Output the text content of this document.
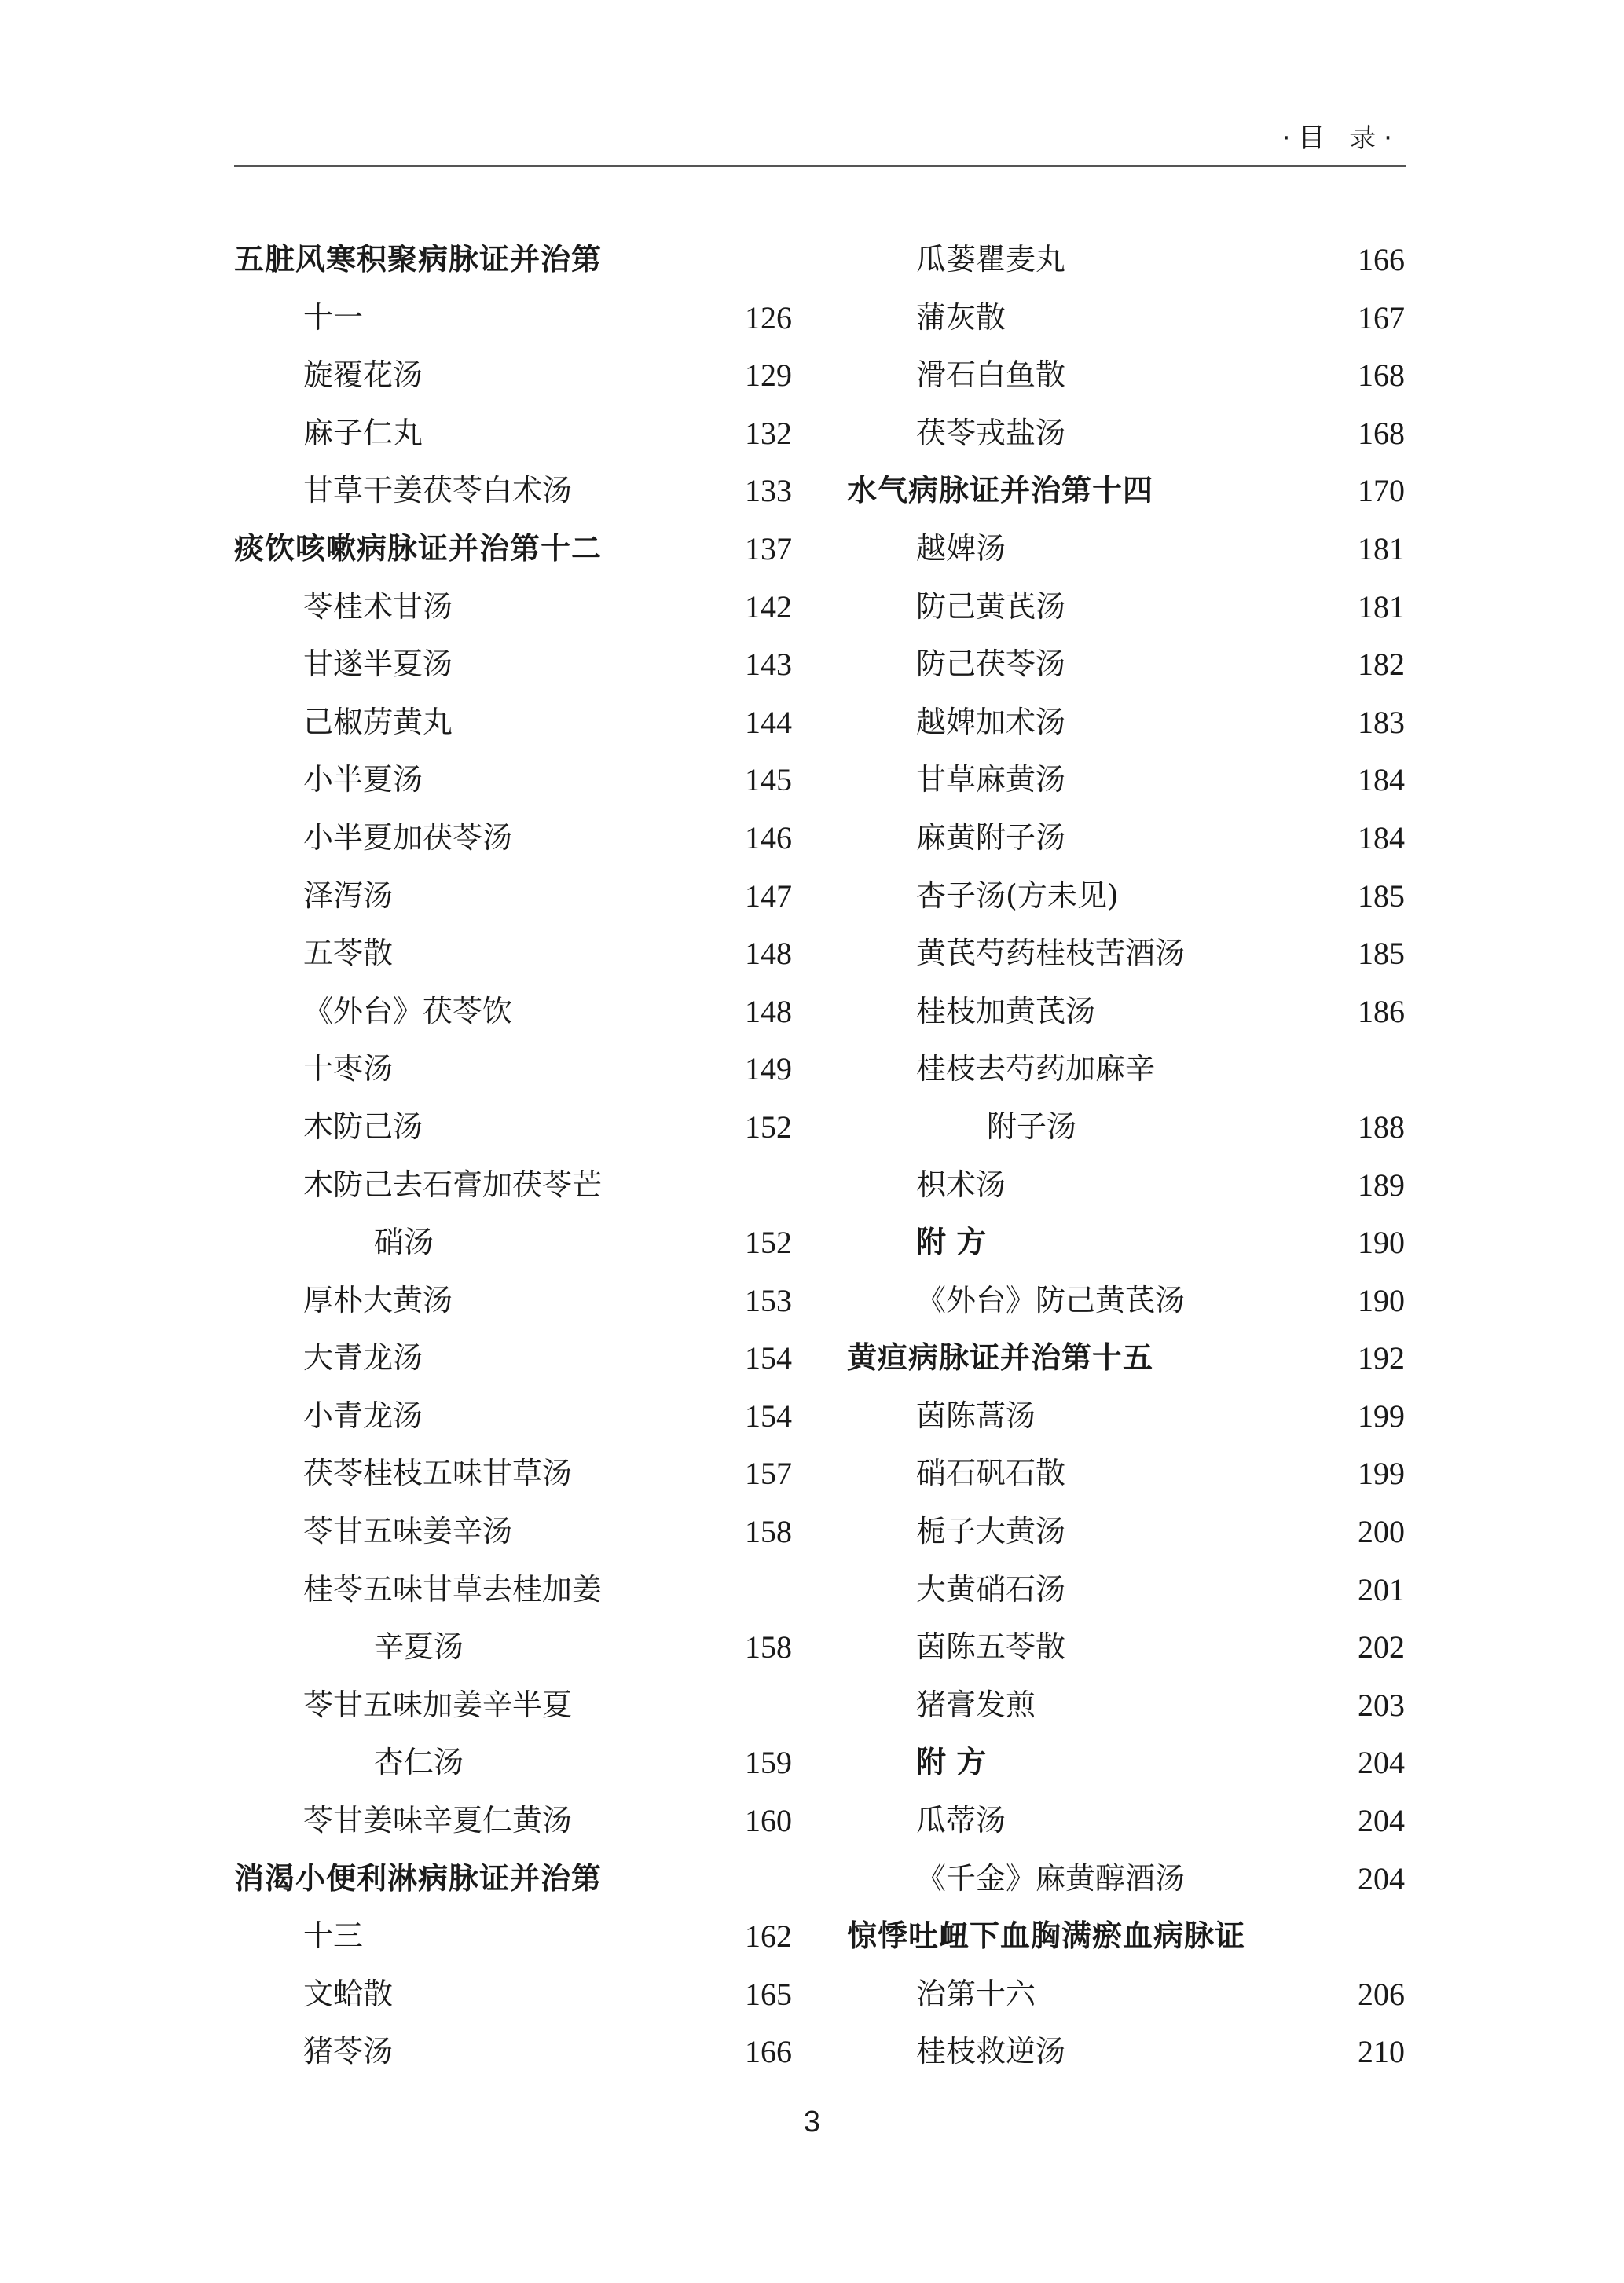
·目 录·
五脏风寒积聚病脉证并治第
十一	126
旋覆花汤	129
麻子仁丸	132
甘草干姜茯苓白术汤	133
痰饮咳嗽病脉证并治第十二	137
苓桂术甘汤	142
甘遂半夏汤	143
己椒苈黄丸	144
小半夏汤	145
小半夏加茯苓汤	146
泽泻汤	147
五苓散	148
《外台》茯苓饮	148
十枣汤	149
木防己汤	152
木防己去石膏加茯苓芒
硝汤	152
厚朴大黄汤	153
大青龙汤	154
小青龙汤	154
茯苓桂枝五味甘草汤	157
苓甘五味姜辛汤	158
桂苓五味甘草去桂加姜
辛夏汤	158
苓甘五味加姜辛半夏
杏仁汤	159
苓甘姜味辛夏仁黄汤	160
消渴小便利淋病脉证并治第
十三	162
文蛤散	165
猪苓汤	166
瓜蒌瞿麦丸	166
蒲灰散	167
滑石白鱼散	168
茯苓戎盐汤	168
水气病脉证并治第十四	170
越婢汤	181
防己黄芪汤	181
防己茯苓汤	182
越婢加术汤	183
甘草麻黄汤	184
麻黄附子汤	184
杏子汤(方未见)	185
黄芪芍药桂枝苦酒汤	185
桂枝加黄芪汤	186
桂枝去芍药加麻辛
附子汤	188
枳术汤	189
附 方	190
《外台》防己黄芪汤	190
黄疸病脉证并治第十五	192
茵陈蒿汤	199
硝石矾石散	199
栀子大黄汤	200
大黄硝石汤	201
茵陈五苓散	202
猪膏发煎	203
附 方	204
瓜蒂汤	204
《千金》麻黄醇酒汤	204
惊悸吐衄下血胸满瘀血病脉证
治第十六	206
桂枝救逆汤	210
3
